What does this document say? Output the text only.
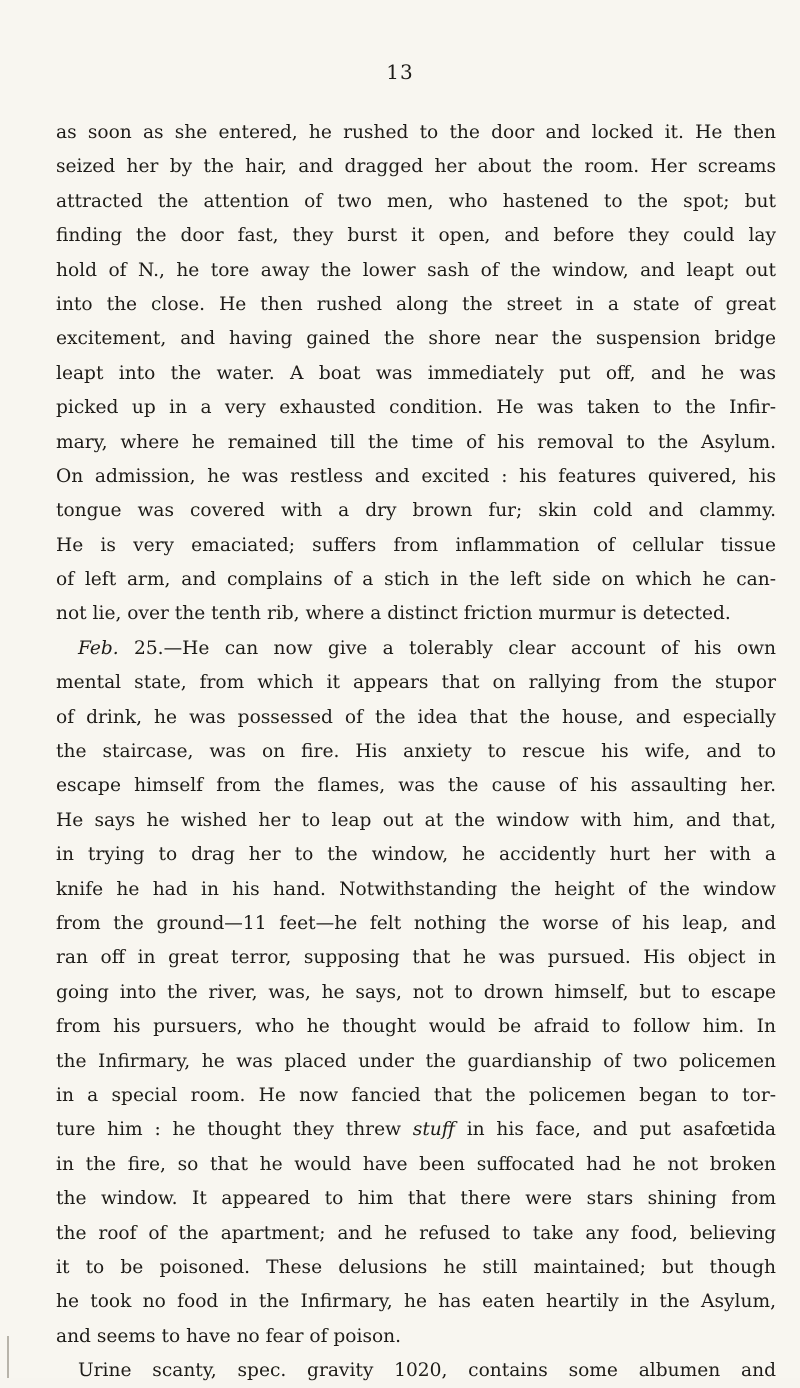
13
as soon as she entered, he rushed to the door and locked it. He then
seized her by the hair, and dragged her about the room. Her screams
attracted the attention of two men, who hastened to the spot; but
finding the door fast, they burst it open, and before they could lay
hold of N., he tore away the lower sash of the window, and leapt out
into the close. He then rushed along the street in a state of great
excitement, and having gained the shore near the suspension bridge
leapt into the water. A boat was immediately put off, and he was
picked up in a very exhausted condition. He was taken to the Infir-
mary, where he remained till the time of his removal to the Asylum.
On admission, he was restless and excited : his features quivered, his
tongue was covered with a dry brown fur; skin cold and clammy.
He is very emaciated; suffers from inflammation of cellular tissue
of left arm, and complains of a stich in the left side on which he can-
not lie, over the tenth rib, where a distinct friction murmur is detected.
Feb. 25.—He can now give a tolerably clear account of his own
mental state, from which it appears that on rallying from the stupor
of drink, he was possessed of the idea that the house, and especially
the staircase, was on fire. His anxiety to rescue his wife, and to
escape himself from the flames, was the cause of his assaulting her.
He says he wished her to leap out at the window with him, and that,
in trying to drag her to the window, he accidently hurt her with a
knife he had in his hand. Notwithstanding the height of the window
from the ground—11 feet—he felt nothing the worse of his leap, and
ran off in great terror, supposing that he was pursued. His object in
going into the river, was, he says, not to drown himself, but to escape
from his pursuers, who he thought would be afraid to follow him. In
the Infirmary, he was placed under the guardianship of two policemen
in a special room. He now fancied that the policemen began to tor-
ture him : he thought they threw stuff in his face, and put asafœtida
in the fire, so that he would have been suffocated had he not broken
the window. It appeared to him that there were stars shining from
the roof of the apartment; and he refused to take any food, believing
it to be poisoned. These delusions he still maintained; but though
he took no food in the Infirmary, he has eaten heartily in the Asylum,
and seems to have no fear of poison.
Urine scanty, spec. gravity 1020, contains some albumen and
